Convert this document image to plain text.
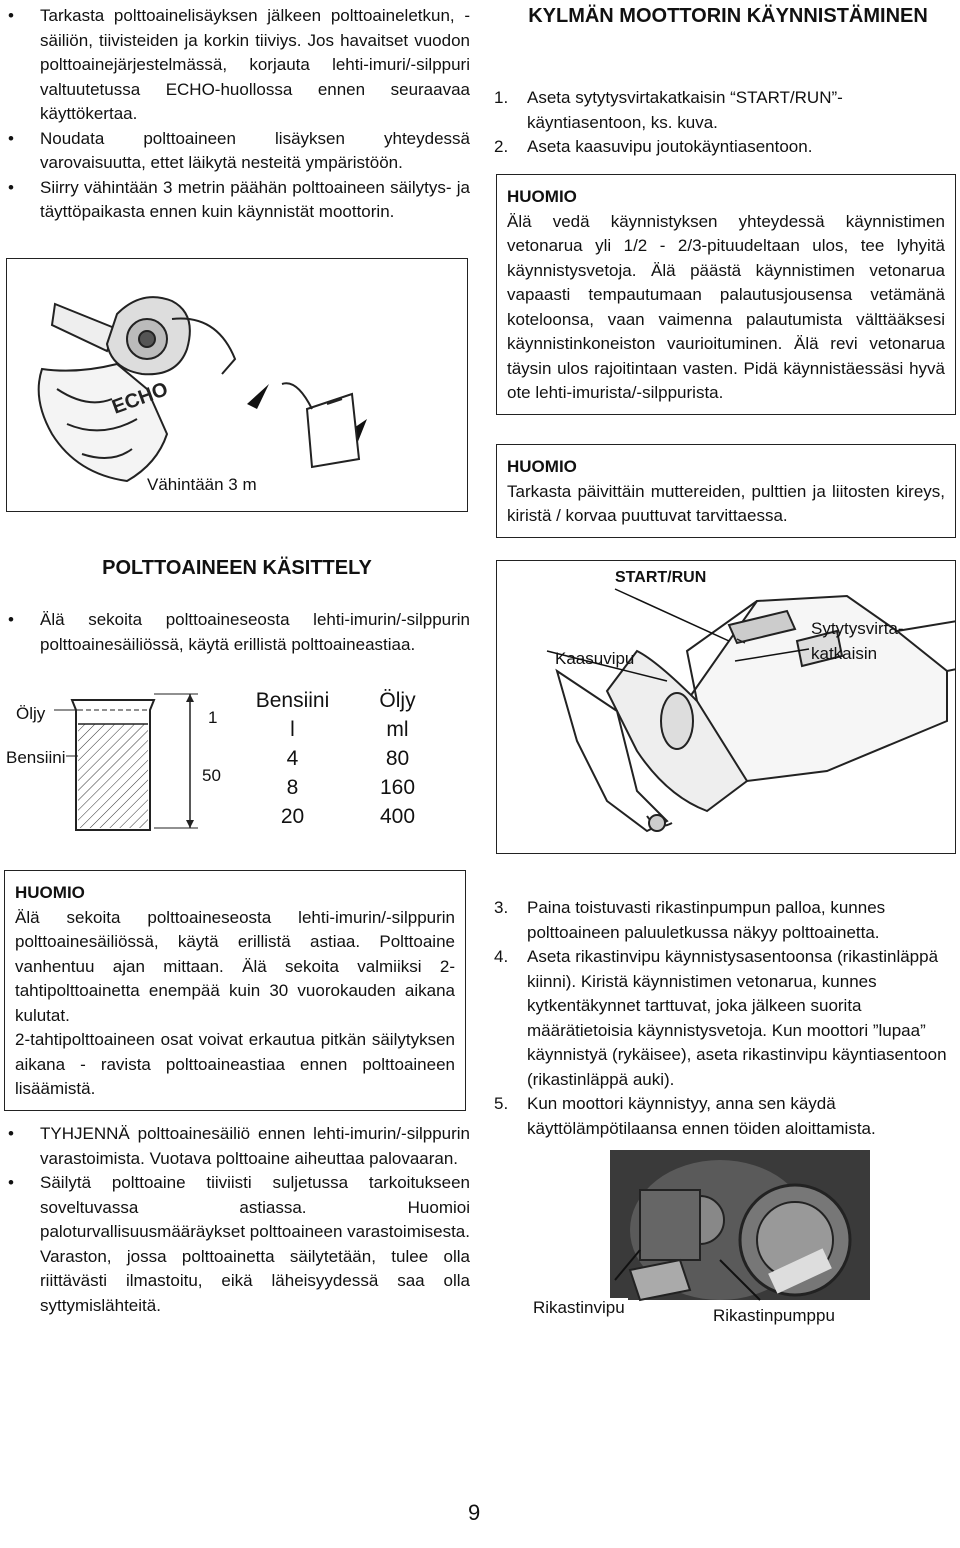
• Tarkasta polttoainelisäyksen jälkeen polttoaineletkun, -säiliön, tiivisteiden ja korkin tiiviys. Jos havaitset vuodon polttoainejärjestelmässä, korjauta lehti-imuri/-silppuri valtuutetussa ECHO-huollossa ennen seuraavaa käyttökertaa.
• Noudata polttoaineen lisäyksen yhteydessä varovaisuutta, ettet läikytä nesteitä ympäristöön.
• Siirry vähintään 3 metrin päähän polttoaineen säilytys- ja täyttöpaikasta ennen kuin käynnistät moottorin.
ECHO
Vähintään 3 m
POLTTOAINEEN KÄSITTELY
• Älä sekoita polttoaineseosta lehti-imurin/-silppurin polttoainesäiliössä, käytä erillistä polttoaineastiaa.
Öljy
Bensiini
1
50
Bensiini	Öljy
l	ml
4	80
8	160
20	400
HUOMIO
Älä sekoita polttoaineseosta lehti-imurin/-silppurin polttoainesäiliössä, käytä erillistä astiaa. Polttoaine vanhentuu ajan mittaan. Älä sekoita valmiiksi 2-tahtipolttoainetta enempää kuin 30 vuorokauden aikana kulutat.
2-tahtipolttoaineen osat voivat erkautua pitkän säilytyksen aikana - ravista polttoaineastiaa ennen polttoaineen lisäämistä.
• TYHJENNÄ polttoainesäiliö ennen lehti-imurin/-silppurin varastoimista. Vuotava polttoaine aiheuttaa palovaaran.
• Säilytä polttoaine tiiviisti suljetussa tarkoitukseen soveltuvassa astiassa. Huomioi paloturvallisuusmääräykset polttoaineen varastoimisesta. Varaston, jossa polttoainetta säilytetään, tulee olla riittävästi ilmastoitu, eikä läheisyydessä saa olla syttymislähteitä.
KYLMÄN MOOTTORIN KÄYNNISTÄMINEN
1. Aseta sytytysvirtakatkaisin “START/RUN”-käyntiasentoon, ks. kuva.
2. Aseta kaasuvipu joutokäyntiasentoon.
HUOMIO
Älä vedä käynnistyksen yhteydessä käynnistimen vetonarua yli 1/2 - 2/3-pituudeltaan ulos, tee lyhyitä käynnistysvetoja. Älä päästä käynnistimen vetonarua vapaasti tempautumaan palautusjousensa vetämänä koteloonsa, vaan vaimenna palautumista välttääksesi käynnistinkoneiston vaurioituminen. Älä revi vetonarua täysin ulos rajoitintaan vasten. Pidä käynnistäessäsi hyvä ote lehti-imurista/-silppurista.
HUOMIO
Tarkasta päivittäin muttereiden, pulttien ja liitosten kireys, kiristä / korvaa puuttuvat tarvittaessa.
START/RUN
Kaasuvipu
Sytytysvirta-
katkaisin
3. Paina toistuvasti rikastinpumpun palloa, kunnes polttoaineen paluuletkussa näkyy polttoainetta.
4. Aseta rikastinvipu käynnistysasentoonsa (rikastinläppä kiinni). Kiristä käynnistimen vetonarua, kunnes kytkentäkynnet tarttuvat, joka jälkeen suorita määrätietoisia käynnistysvetoja. Kun moottori ”lupaa” käynnistyä (rykäisee), aseta rikastinvipu käyntiasentoon (rikastinläppä auki).
5. Kun moottori käynnistyy, anna sen käydä käyttölämpötilaansa ennen töiden aloittamista.
Rikastinvipu	Rikastinpumppu
9
